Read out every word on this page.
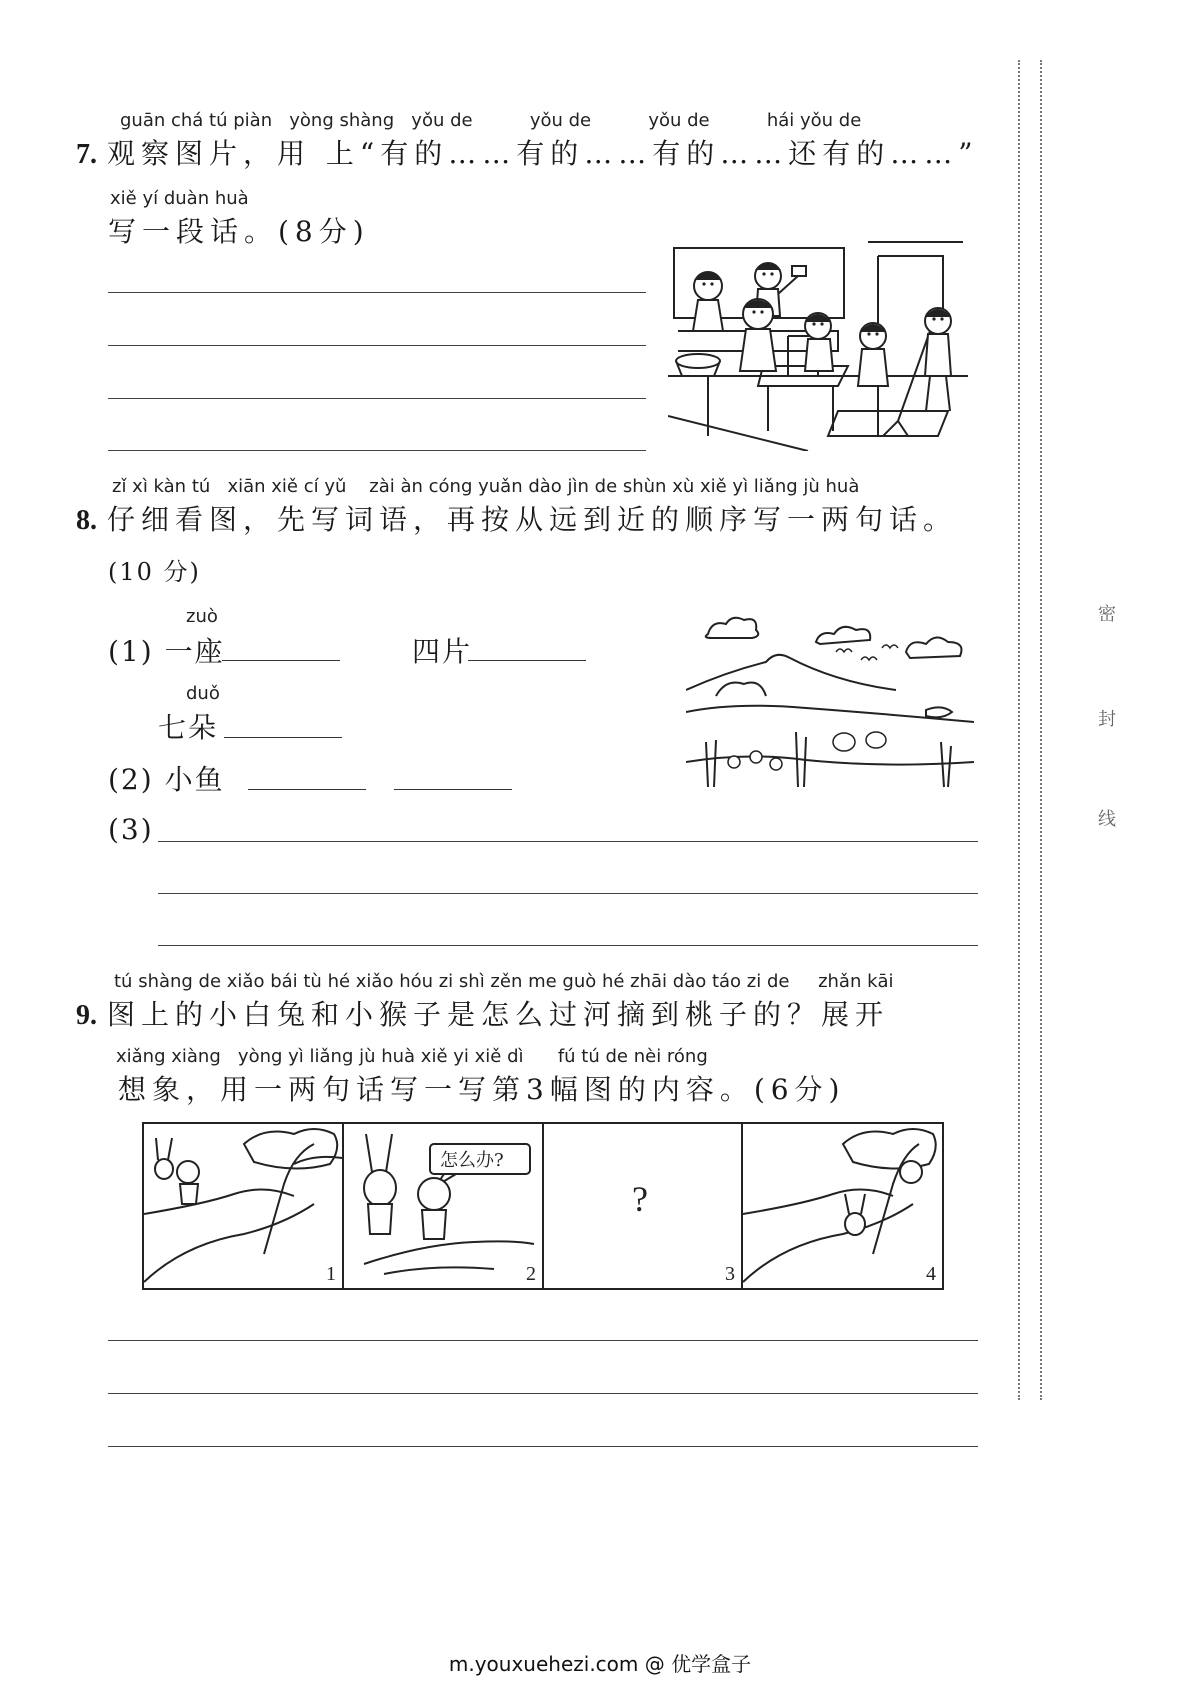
密
封
线
guān chá tú piàn   yòng shàng   yǒu de          yǒu de          yǒu de          hái yǒu de
7. 观察图片，用 上“有的……有的……有的……还有的……”
xiě yí duàn huà
写一段话。(8分)
zǐ xì kàn tú   xiān xiě cí yǔ    zài àn cóng yuǎn dào jìn de shùn xù xiě yì liǎng jù huà
8. 仔细看图，先写词语，再按从远到近的顺序写一两句话。
(10 分)
zuò
(1) 一座	四片
duǒ
七朵
(2) 小鱼
(3)
tú shàng de xiǎo bái tù hé xiǎo hóu zi shì zěn me guò hé zhāi dào táo zi de     zhǎn kāi
9. 图上的小白兔和小猴子是怎么过河摘到桃子的？展开
xiǎng xiàng   yòng yì liǎng jù huà xiě yi xiě dì      fú tú de nèi róng
想象，用一两句话写一写第3幅图的内容。(6分)
1
怎么办?
2
?
3	4
m.youxuehezi.com @ 优学盒子
